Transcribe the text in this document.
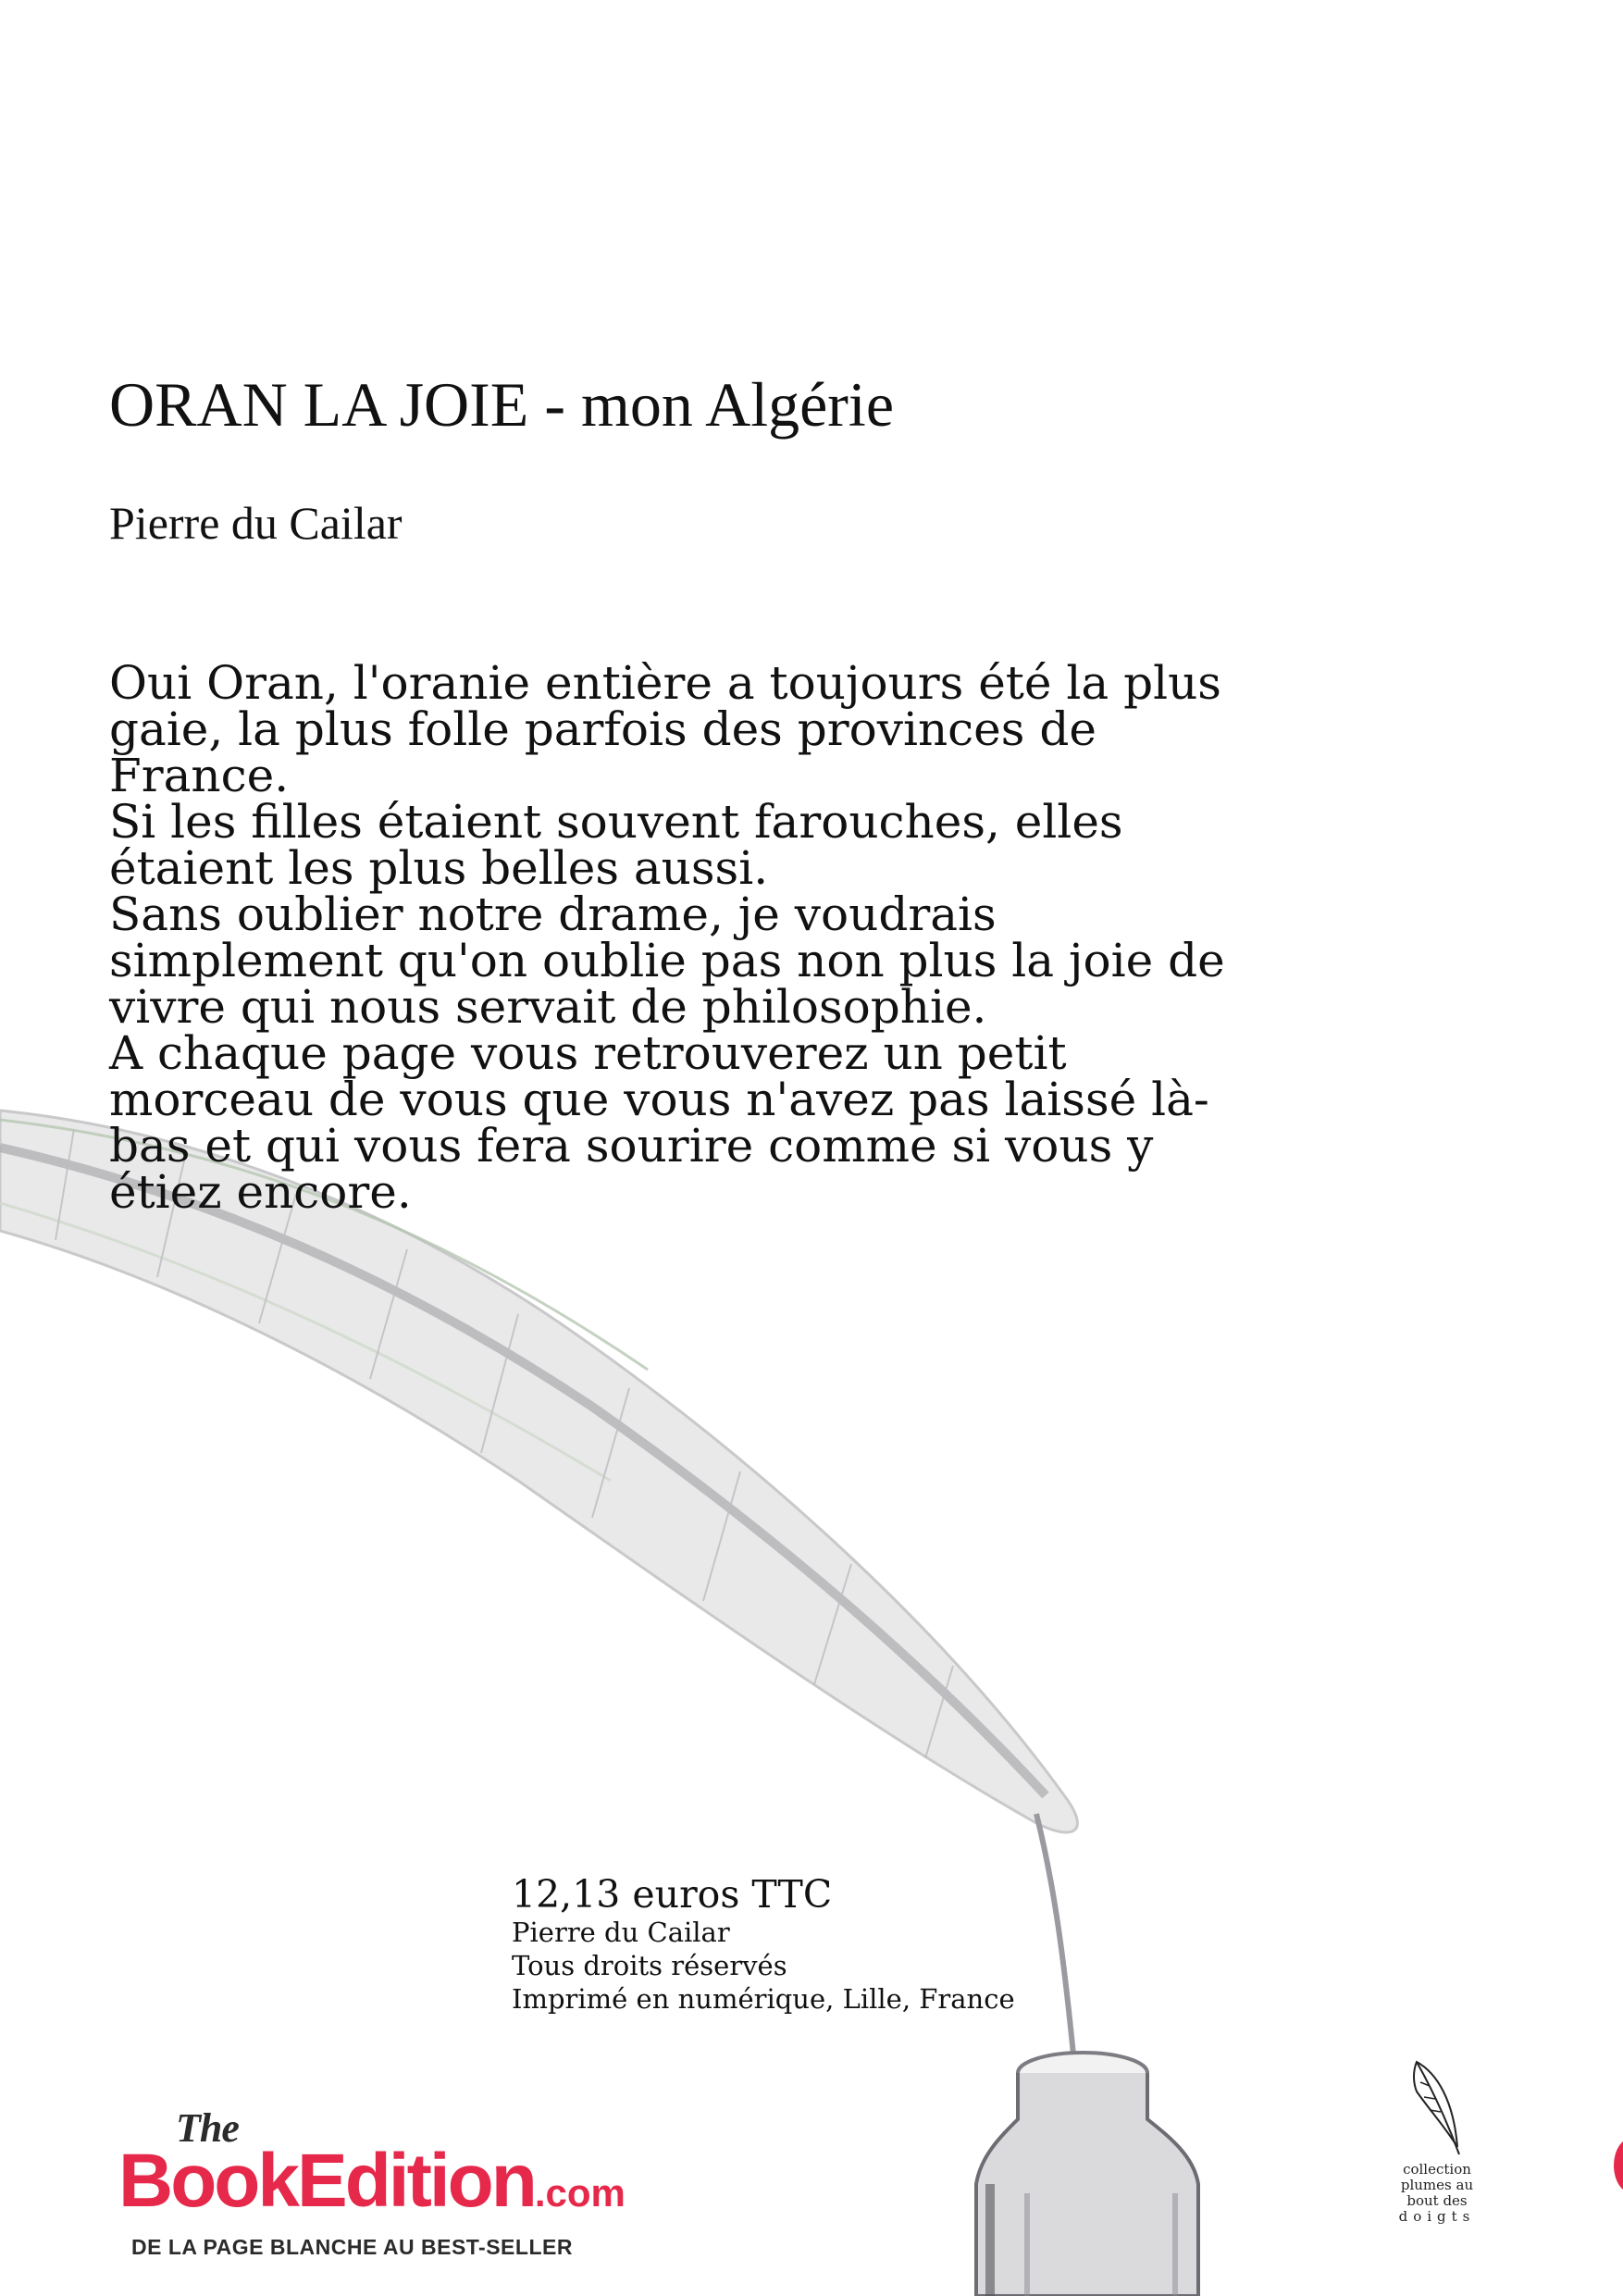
ORAN LA JOIE - mon Algérie

Pierre du Cailar

Oui Oran, l'oranie entière a toujours été la plus gaie, la plus folle parfois des provinces de France.

Si les filles étaient souvent farouches, elles étaient les plus belles aussi.

Sans oublier notre drame, je voudrais simplement qu'on oublie pas non plus la joie de vivre qui nous servait de philosophie.

A chaque page vous retrouverez un petit morceau de vous que vous n'avez pas laissé là-bas et qui vous fera sourire comme si vous y étiez encore.

12,13 euros TTC

Pierre du Cailar

Tous droits réservés

Imprimé en numérique, Lille, France

The
BookEdition.com
DE LA PAGE BLANCHE AU BEST-SELLER
collection
plumes au
bout des
doigts
